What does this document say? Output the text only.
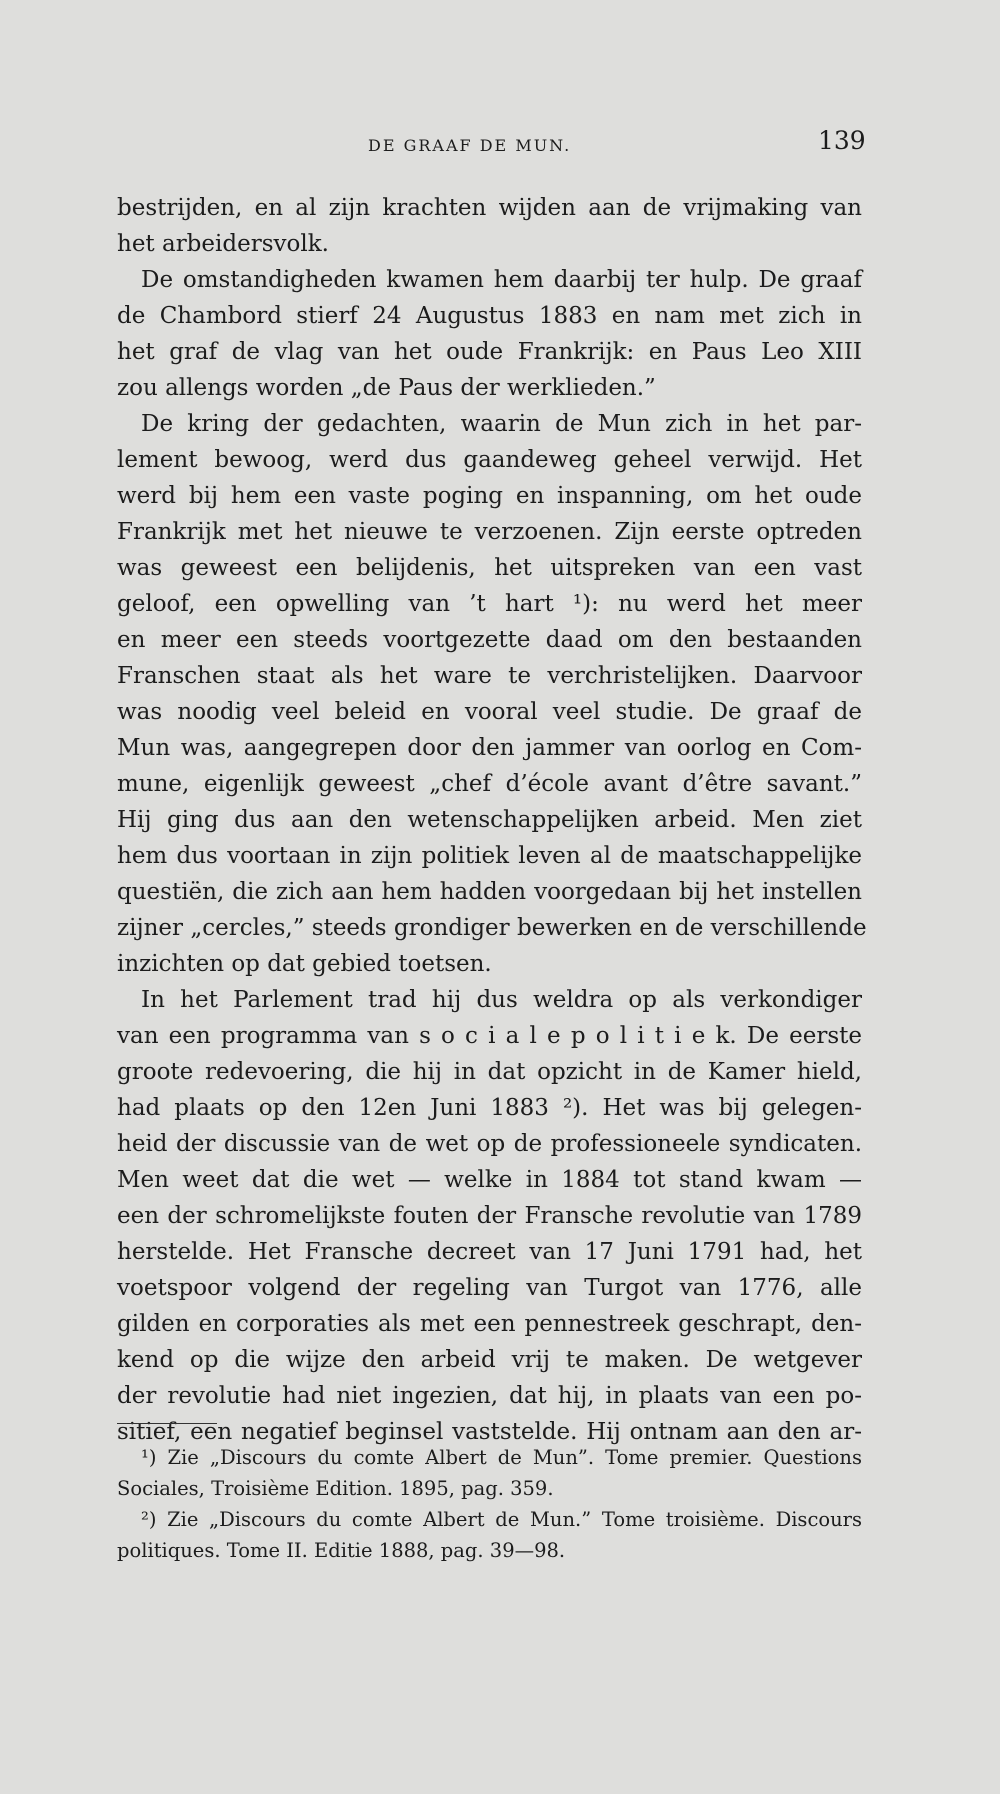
DE GRAAF DE MUN.	139
bestrijden, en al zijn krachten wijden aan de vrijmaking van
het arbeidersvolk.
De omstandigheden kwamen hem daarbij ter hulp. De graaf
de Chambord stierf 24 Augustus 1883 en nam met zich in
het graf de vlag van het oude Frankrijk: en Paus Leo XIII
zou allengs worden „de Paus der werklieden.”
De kring der gedachten, waarin de Mun zich in het par-
lement bewoog, werd dus gaandeweg geheel verwijd. Het
werd bij hem een vaste poging en inspanning, om het oude
Frankrijk met het nieuwe te verzoenen. Zijn eerste optreden
was geweest een belijdenis, het uitspreken van een vast
geloof, een opwelling van ’t hart ¹): nu werd het meer
en meer een steeds voortgezette daad om den bestaanden
Franschen staat als het ware te verchristelijken. Daarvoor
was noodig veel beleid en vooral veel studie. De graaf de
Mun was, aangegrepen door den jammer van oorlog en Com-
mune, eigenlijk geweest „chef d’école avant d’être savant.”
Hij ging dus aan den wetenschappelijken arbeid. Men ziet
hem dus voortaan in zijn politiek leven al de maatschappelijke
questiën, die zich aan hem hadden voorgedaan bij het instellen
zijner „cercles,” steeds grondiger bewerken en de verschillende
inzichten op dat gebied toetsen.
In het Parlement trad hij dus weldra op als verkondiger
van een programma van s o c i a l e p o l i t i e k. De eerste
groote redevoering, die hij in dat opzicht in de Kamer hield,
had plaats op den 12en Juni 1883 ²). Het was bij gelegen-
heid der discussie van de wet op de professioneele syndicaten.
Men weet dat die wet — welke in 1884 tot stand kwam —
een der schromelijkste fouten der Fransche revolutie van 1789
herstelde. Het Fransche decreet van 17 Juni 1791 had, het
voetspoor volgend der regeling van Turgot van 1776, alle
gilden en corporaties als met een pennestreek geschrapt, den-
kend op die wijze den arbeid vrij te maken. De wetgever
der revolutie had niet ingezien, dat hij, in plaats van een po-
sitief, een negatief beginsel vaststelde. Hij ontnam aan den ar-
¹) Zie „Discours du comte Albert de Mun”. Tome premier. Questions
Sociales, Troisième Edition. 1895, pag. 359.
²) Zie „Discours du comte Albert de Mun.” Tome troisième. Discours
politiques. Tome II. Editie 1888, pag. 39—98.
